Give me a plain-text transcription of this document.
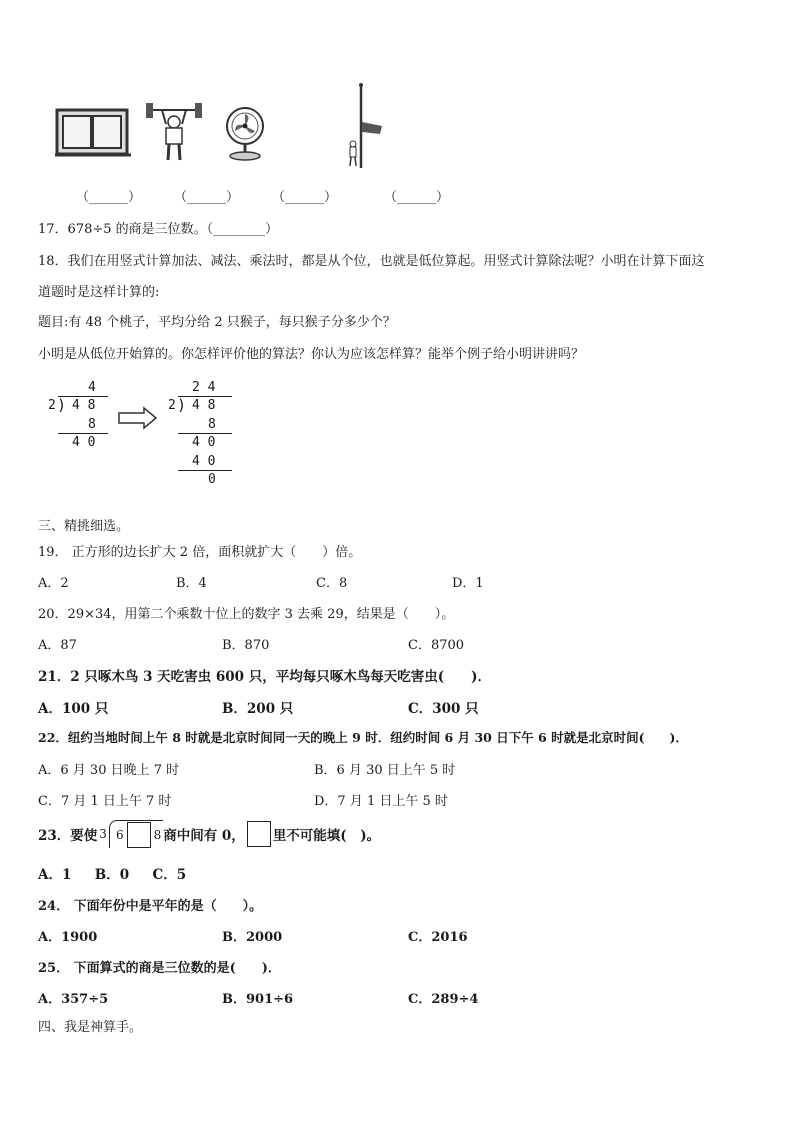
（______）	（______）	（______）	（______）
17．678÷5 的商是三位数。（________）
18．我们在用竖式计算加法、减法、乘法时，都是从个位，也就是低位算起。用竖式计算除法呢？小明在计算下面这
道题时是这样计算的:
题目:有 48 个桃子，平均分给 2 只猴子，每只猴子分多少个？
小明是从低位开始算的。你怎样评价他的算法？你认为应该怎样算？能举个例子给小明讲讲吗？
4
2 ) 4 8
8
4 0
2 4
2 ) 4 8
8
4 0
4 0
0
三、精挑细选。
19． 正方形的边长扩大 2 倍，面积就扩大（　　）倍。
A．2	B．4	C．8	D．1
20．29×34，用第二个乘数十位上的数字 3 去乘 29，结果是（　　）。
A．87	B．870	C．8700
21．2 只啄木鸟 3 天吃害虫 600 只，平均每只啄木鸟每天吃害虫(　　)．
A．100 只	B．200 只	C．300 只
22．纽约当地时间上午 8 时就是北京时间同一天的晚上 9 时．纽约时间 6 月 30 日下午 6 时就是北京时间(　　)．
A．6 月 30 日晚上 7 时	B．6 月 30 日上午 5 时
C．7 月 1 日上午 7 时	D．7 月 1 日上午 5 时
23．要使 3 6	8 商中间有 0， 里不可能填(　)。
A．1 B．0 C．5
24． 下面年份中是平年的是（　　）。
A．1900	B．2000	C．2016
25． 下面算式的商是三位数的是(　　)．
A．357÷5	B．901÷6	C．289÷4
四、我是神算手。
